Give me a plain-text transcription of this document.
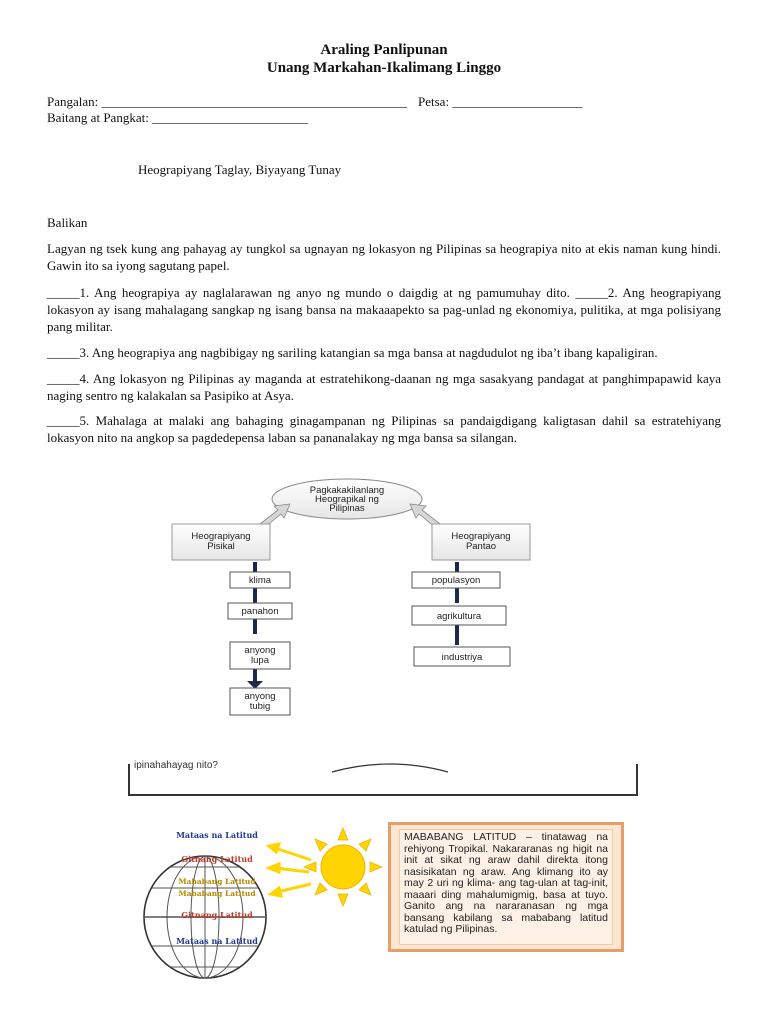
Araling Panlipunan
Unang Markahan-Ikalimang Linggo
Pangalan: _______________________________________________ Petsa: ____________________
Baitang at Pangkat: ________________________
Heograpiyang Taglay, Biyayang Tunay
Balikan
Lagyan ng tsek kung ang pahayag ay tungkol sa ugnayan ng lokasyon ng Pilipinas sa heograpiya nito at ekis naman kung hindi. Gawin ito sa iyong sagutang papel.
_____1. Ang heograpiya ay naglalarawan ng anyo ng mundo o daigdig at ng pamumuhay dito. _____2. Ang heograpiyang lokasyon ay isang mahalagang sangkap ng isang bansa na makaaapekto sa pag-unlad ng ekonomiya, pulitika, at mga polisiyang pang militar.
_____3. Ang heograpiya ang nagbibigay ng sariling katangian sa mga bansa at nagdudulot ng iba’t ibang kapaligiran.
_____4. Ang lokasyon ng Pilipinas ay maganda at estratehikong-daanan ng mga sasakyang pandagat at panghimpapawid kaya naging sentro ng kalakalan sa Pasipiko at Asya.
_____5. Mahalaga at malaki ang bahaging ginagampanan ng Pilipinas sa pandaigdigang kaligtasan dahil sa estratehiyang lokasyon nito na angkop sa pagdedepensa laban sa pananalakay ng mga bansa sa silangan.
Pagkakakilanlang
Heograpikal ng
Pilipinas
Heograpiyang
Pisikal
Heograpiyang
Pantao
klima
panahon
anyong
lupa
anyong
tubig
populasyon
agrikultura
industriya
ipinahahayag nito?
Mataas na Latitud
Gitnang Latitud
Mababang Latitud
Mababang Latitud
Gitnang Latitud
Mataas na Latitud
MABABANG LATITUD – tinatawag na rehiyong Tropikal. Nakararanas ng higit na init at sikat ng araw dahil direkta itong nasisikatan ng araw. Ang klimang ito ay may 2 uri ng klima- ang tag-ulan at tag-init, maaari ding mahalumigmig, basa at tuyo. Ganito ang na nararanasan ng mga bansang kabilang sa mababang latitud katulad ng Pilipinas.
